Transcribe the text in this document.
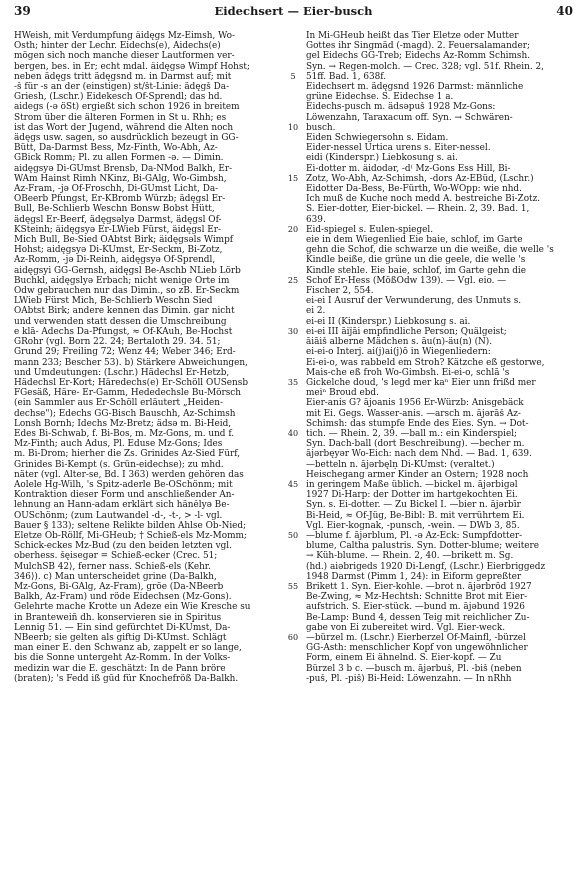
39	Eidechsert — Eier-busch	40

HWeish, mit Verdumpfung âidęgs Mz-Eimsh, Wo-

Osth; hinter der Lechr. Eidechs(e), Aidechs(e)

mögen sich noch manche dieser Lautformen ver-

bergen, bes. in Er; echt mdal. âidęgsə Wimpf Hohst;

neben ädęgs tritt ädęgsnd m. in Darmst auf; mit

-š für -s an der (einstigen) st/št-Linie: ädęgš Da-

Griesh, (Lschr.) Eidekesch Of-Sprendl; das hd.

aidegs (-ə öSt) ergießt sich schon 1926 in breitem

Strom über die älteren Formen in St u. Rhh; es

ist das Wort der Jugend, während die Alten noch

ädęgs usw. sagen, so ausdrücklich bezeugt in GG-

Bütt, Da-Darmst Bess, Mz-Finth, Wo-Abh, Az-

GBick Romm; Pl. zu allen Formen -ə. — Dimin.

aidęgsyə Di-GUmst Brensb, Da-NMod Balkh, Er-

WAm Hainst Rimh NKinz, Bi-GAlg, Wo-Gimbsh,

Az-Fram, -jə Of-Froschh, Di-GUmst Licht, Da-

OBeerb Pfungst, Er-KBromb Würzb; ädęgsl Er-

Bull, Be-Schlierb Weschn Bonsw Bobst Hütt,

ädęgsl Er-Beerf, ädęgsəlyə Darmst, ädęgsl Of-

KSteinh; âidęgsyə Er-LWieb Fürst, âidęgsl Er-

Mich Bull, Be-Sied OAbtst Birk; âidęgsəls Wimpf

Hohst; aidęgsyə Di-KUmst, Er-Seckm, Bi-Zotz,

Az-Romm, -jə Di-Reinh, aidęgsyə Of-Sprendl,

aidęgsyi GG-Gernsh, aidęgsl Be-Aschb NLieb Lörb

Buchkl, aidęgslyə Erbach; nicht wenige Orte im

Odw gebrauchen nur das Dimin., so zB. Er-Seckm

LWieb Fürst Mich, Be-Schlierb Weschn Sied

OAbtst Birk; andere kennen das Dimin. gar nicht

und verwenden statt dessen die Umschreibung

e klā- Ädechs Da-Pfungst, ≈ Of-KAuh, Be-Hochst

GRohr (vgl. Born 22. 24; Bertaloth 29. 34. 51;

Grund 29; Freiling 72; Wenz 44; Weber 346; Erd-

mann 233; Bescher 53). b) Stärkere Abweichungen,

und Umdeutungen: (Lschr.) Hädechsl Er-Hetzb,

Hädechsl Er-Kort; Häredechs(e) Er-Schöll OUSensb

FGesäß, Häre- Er-Gamm, Hededechsle Bu-Mörsch

(ein Sammler aus Er-Schöll erläutert „Heiden-

dechse"); Edechs GG-Bisch Bauschh, Az-Schimsh

Lonsh Bornh; Idechs Mz-Bretz; ädsə m. Bi-Heid,

Edes Bi-Schwab, f. Bi-Bos, m. Mz-Gons, m. und f.

Mz-Finth; auch Ädus, Pl. Eduse Mz-Gons; Ides

m. Bi-Drom; hierher die Zs. Grinides Az-Sied Fürf,

Grinides Bi-Kempt (s. Grün-eidechse); zu mhd.

näter (vgl. Alter-se, Bd. I 363) werden gehören das

Aolele Hg-Wilh, 's Spitz-aderle Be-OSchönm; mit

Kontraktion dieser Form und anschließender An-

lehnung an Hann-adam erklärt sich hänĕlyə Be-

OUSchönm; (zum Lautwandel -d-, -t-, > -l- vgl.

Bauer § 133); seltene Relikte bilden Ahlse Ob-Nied;

Eletze Ob-Röllf, Mi-GHeub; † Schieß-els Mz-Momm;

Schick-eckes Mz-Bud (zu den beiden letzten vgl.

oberhess. šęisegər = Schieß-ecker ⟨Crec. 51;

MulchSB 42⟩, ferner nass. Schieß-els ⟨Kehr.

346⟩). c) Man unterscheidet grine (Da-Balkh,

Mz-Gons, Bi-GAlg, Az-Fram), gröe (Da-NBeerb

Balkh, Az-Fram) und röde Eidechsen (Mz-Gons).

Gelehrte mache Krotte un Ädeze ein Wie Kresche su

in Branteweiñ dh. konservieren sie in Spiritus

Lennig 51. — Ein sind gefürchtet Di-KUmst, Da-

NBeerb; sie gelten als giftig Di-KUmst. Schlägt

man einer E. den Schwanz ab, zappelt er so lange,

bis die Sonne untergeht Az-Romm. In der Volks-

medizin war die E. geschätzt: In de Pann bröre

(braten); 's Fedd iß gūd für Knochefröß Da-Balkh.

5
10
15
20
25
30
35
40
45
50
55
60

In Mi-GHeub heißt das Tier Eletze oder Mutter

Gottes ihr Singmäd (-magd). 2. Feuersalamander;

gel Eidechs GG-Treb; Eidechs Az-Romm Schimsh.

Syn. → Regen-molch. — Crec. 328; vgl. 51f. Rhein. 2,

51ff. Bad. 1, 638f.

Eidechsert m. ädęgsnd 1926 Darmst: männliche

grüne Eidechse. S. Eidechse 1 a.

Eidechs-pusch m. ädsəpuš 1928 Mz-Gons:

Löwenzahn, Taraxacum off. Syn. → Schwären-

busch.

Eiden Schwiegersohn s. Eidam.

Eider-nessel Urtica urens s. Eiter-nessel.

eidi (Kinderspr.) Liebkosung s. ai.

Ei-dotter m. âidodər, -d⁽ Mz-Gons Ess Hill, Bi-

Zotz, Wo-Abh, Az-Schimsh, -dors Az-EBüd, (Lschr.)

Eidotter Da-Bess, Be-Fürth, Wo-WOpp: wie nhd.

Ich muß de Kuche noch medd A. bestreiche Bi-Zotz.

S. Eier-dotter, Eier-bickel. — Rhein. 2, 39. Bad. 1,

639.

Eid-spiegel s. Eulen-spiegel.

eie in dem Wiegenlied Eie baie, schlof, im Garte

gehn die Schof, die schwarze un die weiße, die welle 's

Kindle beiße, die grüne un die geele, die welle 's

Kindle stehle. Eie baie, schlof, im Garte gehn die

Schof Er-Hess (MößOdw 139). — Vgl. eio. —

Fischer 2, 554.

ei-ei I Ausruf der Verwunderung, des Unmuts s.

ei 2.

ei-ei II (Kinderspr.) Liebkosung s. ai.

ei-ei III āiĵāi empfindliche Person; Quälgeist;

āiāiš alberne Mädchen s. āu(n)-äu(n) (N).

ei-ei-o Interj. ai(j)ai(j)ō in Wiegenliedern:

Ei-ei-o, was rabbeld em Stroh? Kätzche eß gestorwe,

Mais-che eß froh Wo-Gimbsh. Ei-ei-o, schlā 's

Gickelche doud, 's legd mer kaⁿ Eier unn frißd mer

meiⁿ Broud ebd.

Eier-anis G? ājoanis 1956 Er-Würzb: Anisgebäck

mit Ei. Gegs. Wasser-anis. —arsch m. ājərāš Az-

Schimsh: das stumpfe Ende des Eies. Syn. → Dot-

tich. — Rhein. 2, 39. —ball m.: ein Kinderspiel;

Syn. Dach-ball (dort Beschreibung). —becher m.

ājərbęyər Wo-Eich: nach dem Nhd. — Bad. 1, 639.

—betteln n. ājərbęlṇ Di-KUmst: (veraltet.)

Heischegang armer Kinder an Ostern; 1928 noch

in geringem Maße üblich. —bickel m. ājərbigəl

1927 Di-Harp: der Dotter im hartgekochten Ei.

Syn. s. Ei-dotter. — Zu Bickel I. —bier n. ājərbīr

Bi-Heid, ≈ Of-Jüg, Be-Bibl: B. mit verrührtem Ei.

Vgl. Eier-kognak, -punsch, -wein. — DWb 3, 85.

—blume f. ājərblum, Pl. -ə Az-Eck: Sumpfdotter-

blume, Caltha palustris. Syn. Dotter-blume; weitere

→ Küh-blume. — Rhein. 2, 40. —brikett m. Sg.

(hd.) aiəbrigeds 1920 Di-Lengf, (Lschr.) Eierbriggedz

1948 Darmst (Pimm 1, 24): in Eiform gepreßter

Brikett 1. Syn. Eier-kohle. —brot n. ājərbrōd 1927

Be-Zwing, ≈ Mz-Hechtsh: Schnitte Brot mit Eier-

aufstrich. S. Eier-stück. —bund m. ājəbund 1926

Be-Lamp: Bund 4, dessen Teig mit reichlicher Zu-

gabe von Ei zubereitet wird. Vgl. Eier-weck.

—bürzel m. (Lschr.) Eierberzel Of-Mainfl, -bürzel

GG-Asth: menschlicher Kopf von ungewöhnlicher

Form, einem Ei ähnelnd. S. Eier-kopf. — Zu

Bürzel 3 b c. —busch m. ājərbuš, Pl. -biš (neben

-puš, Pl. -piš) Bi-Heid: Löwenzahn. — In nRhh
